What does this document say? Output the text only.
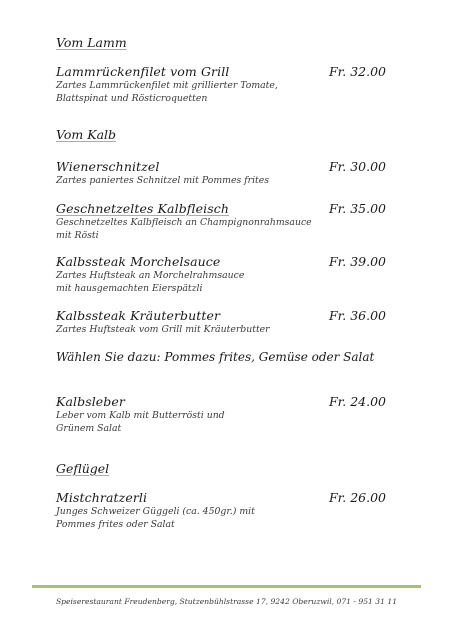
Vom Lamm
Lammrückenfilet vom Grill	Fr. 32.00
Zartes Lammrückenfilet mit grillierter Tomate,
Blattspinat und Rösticroquetten
Vom Kalb
Wienerschnitzel	Fr. 30.00
Zartes paniertes Schnitzel mit Pommes frites
Geschnetzeltes Kalbfleisch	Fr. 35.00
Geschnetzeltes Kalbfleisch an Champignonrahmsauce
mit Rösti
Kalbssteak Morchelsauce	Fr. 39.00
Zartes Huftsteak an Morchelrahmsauce
mit hausgemachten Eierspätzli
Kalbssteak Kräuterbutter	Fr. 36.00
Zartes Huftsteak vom Grill mit Kräuterbutter
Wählen Sie dazu: Pommes frites, Gemüse oder Salat
Kalbsleber	Fr. 24.00
Leber vom Kalb mit Butterrösti und
Grünem Salat
Geflügel
Mistchratzerli	Fr. 26.00
Junges Schweizer Güggeli (ca. 450gr.) mit
Pommes frites oder Salat
Speiserestaurant Freudenberg, Stutzenbühlstrasse 17, 9242 Oberuzwil, 071 - 951 31 11
